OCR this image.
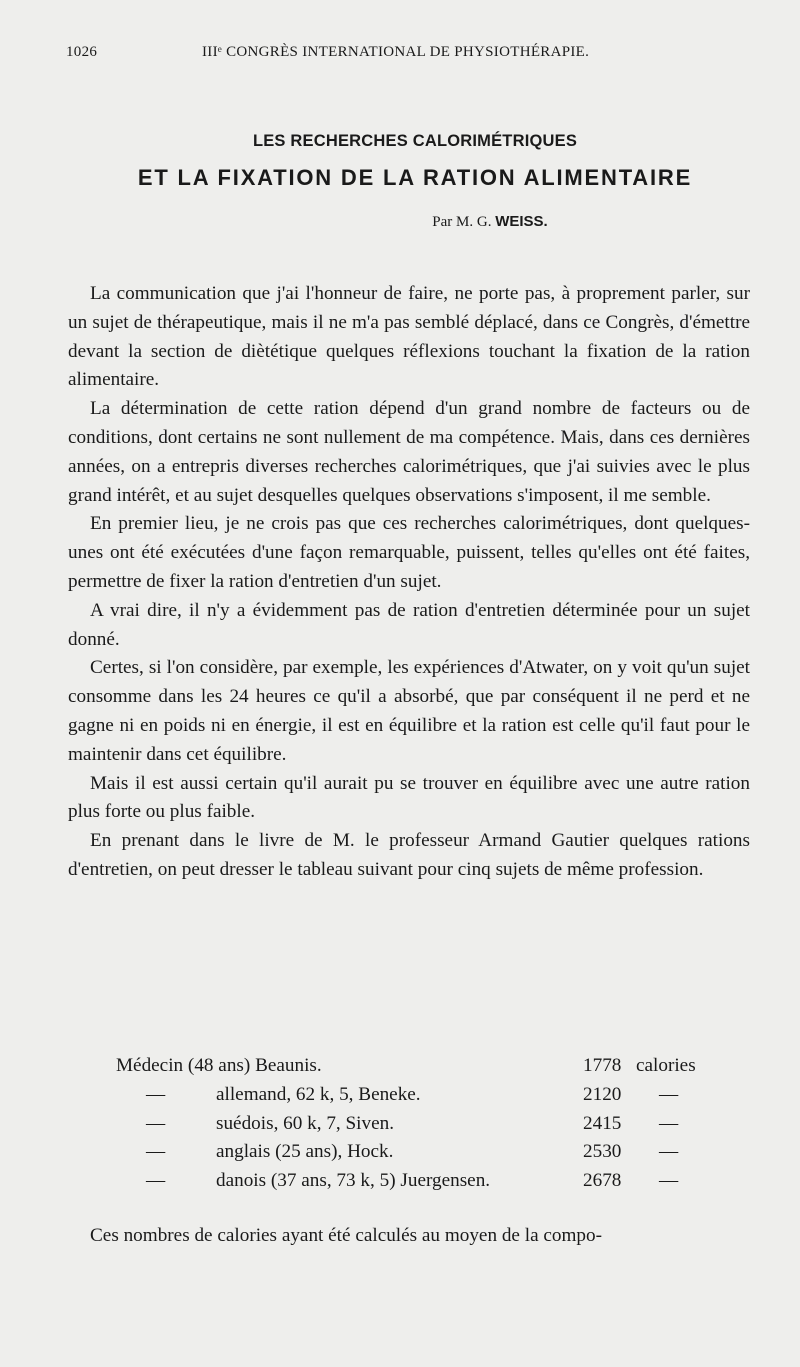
1026	IIIᵉ CONGRÈS INTERNATIONAL DE PHYSIOTHÉRAPIE.
LES RECHERCHES CALORIMÉTRIQUES
ET LA FIXATION DE LA RATION ALIMENTAIRE
Par M. G. WEISS.

La communication que j'ai l'honneur de faire, ne porte pas, à proprement parler, sur un sujet de thérapeutique, mais il ne m'a pas semblé déplacé, dans ce Congrès, d'émettre devant la section de diètétique quelques réflexions touchant la fixation de la ration alimentaire.

La détermination de cette ration dépend d'un grand nombre de facteurs ou de conditions, dont certains ne sont nullement de ma compétence. Mais, dans ces dernières années, on a entrepris diverses recherches calorimétriques, que j'ai suivies avec le plus grand intérêt, et au sujet desquelles quelques observations s'imposent, il me semble.

En premier lieu, je ne crois pas que ces recherches calorimétriques, dont quelques-unes ont été exécutées d'une façon remarquable, puissent, telles qu'elles ont été faites, permettre de fixer la ration d'entretien d'un sujet.

A vrai dire, il n'y a évidemment pas de ration d'entretien déterminée pour un sujet donné.

Certes, si l'on considère, par exemple, les expériences d'Atwater, on y voit qu'un sujet consomme dans les 24 heures ce qu'il a absorbé, que par conséquent il ne perd et ne gagne ni en poids ni en énergie, il est en équilibre et la ration est celle qu'il faut pour le maintenir dans cet équilibre.

Mais il est aussi certain qu'il aurait pu se trouver en équilibre avec une autre ration plus forte ou plus faible.

En prenant dans le livre de M. le professeur Armand Gautier quelques rations d'entretien, on peut dresser le tableau suivant pour cinq sujets de même profession.

Médecin (48 ans) Beaunis.	1778 calories
—	allemand, 62 k, 5, Beneke.	2120 —
—	suédois, 60 k, 7, Siven.	2415 —
—	anglais (25 ans), Hock.	2530 —
—	danois (37 ans, 73 k, 5) Juergensen.	2678 —
Ces nombres de calories ayant été calculés au moyen de la compo-
